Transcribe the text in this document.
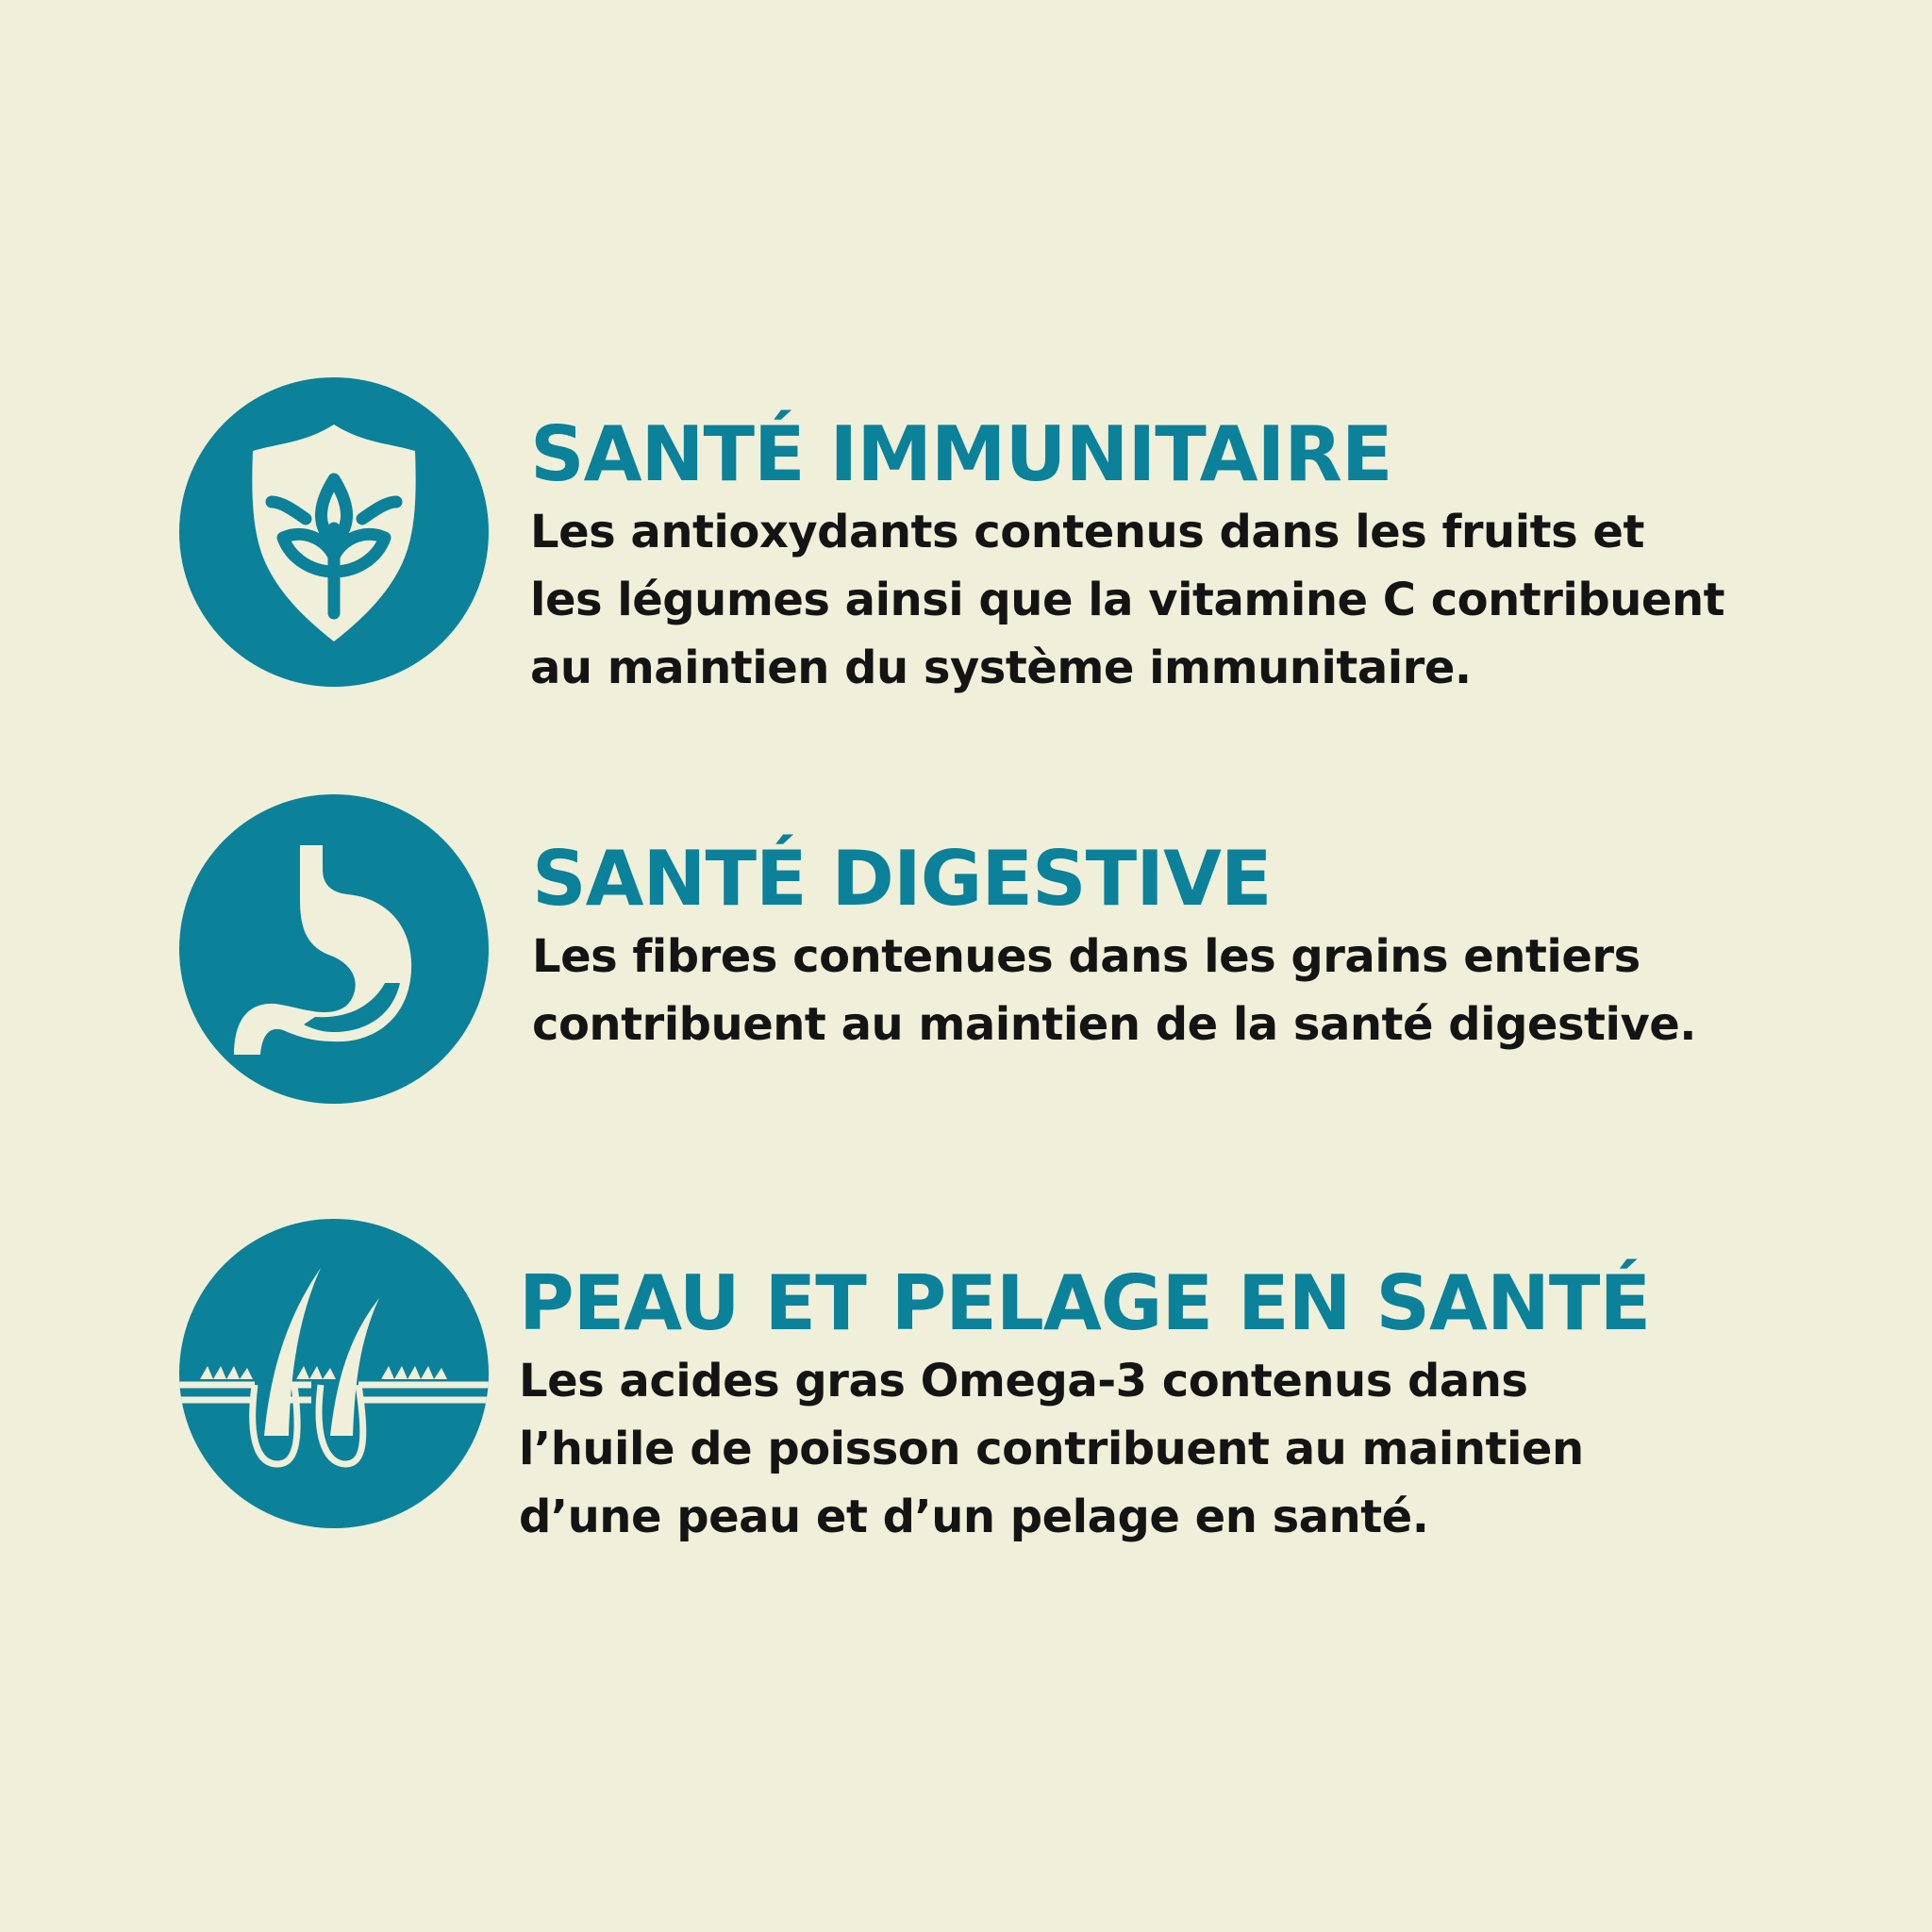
SANTÉ IMMUNITAIRE

Les antioxydants contenus dans les fruits et
les légumes ainsi que la vitamine C contribuent
au maintien du système immunitaire.

SANTÉ DIGESTIVE

Les fibres contenues dans les grains entiers
contribuent au maintien de la santé digestive.

PEAU ET PELAGE EN SANTÉ

Les acides gras Omega-3 contenus dans
l’huile de poisson contribuent au maintien
d’une peau et d’un pelage en santé.
